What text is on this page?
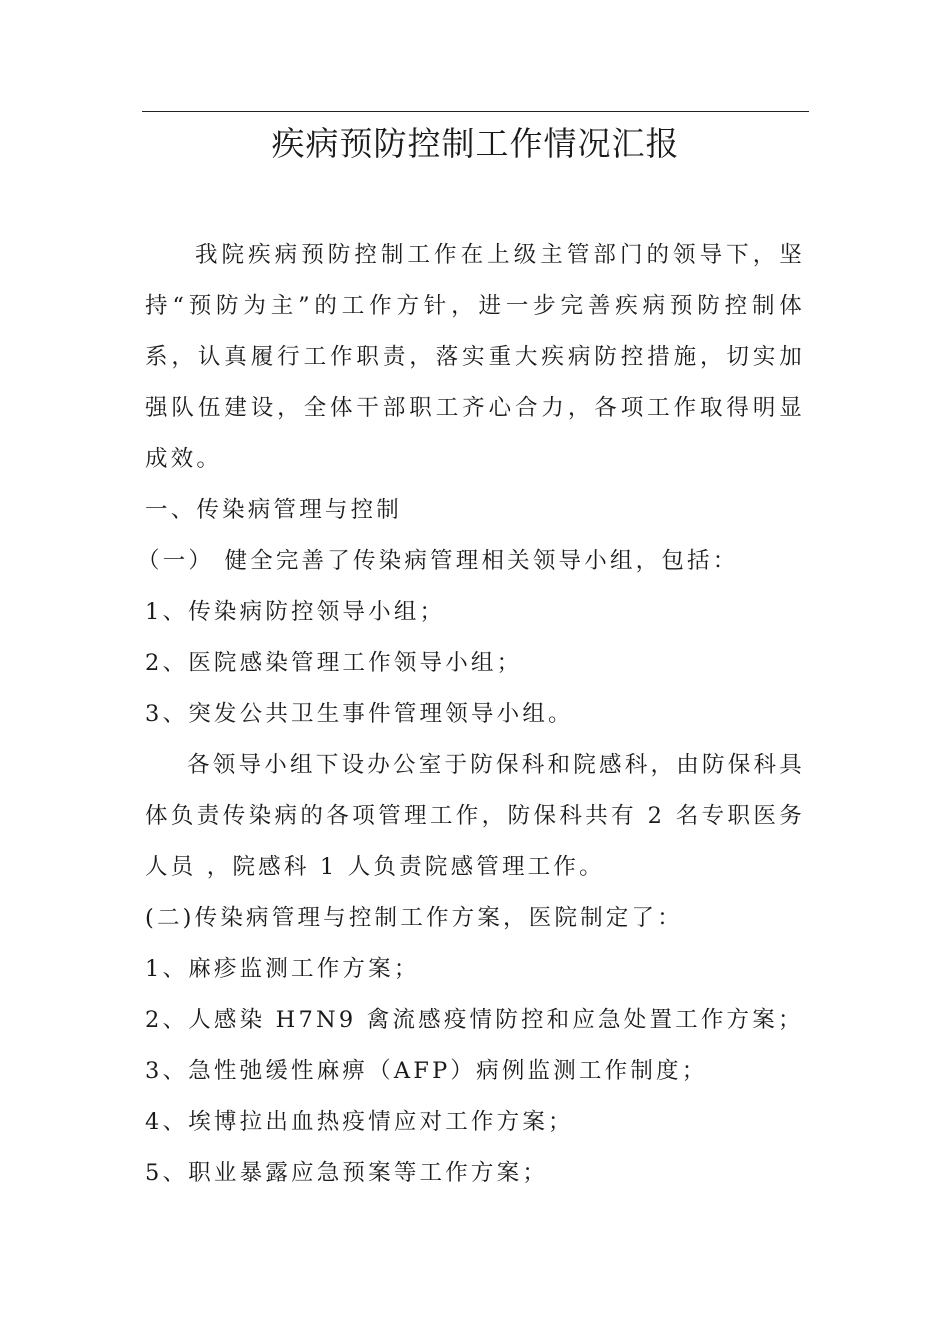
疾病预防控制工作情况汇报

我院疾病预防控制工作在上级主管部门的领导下，坚持“预防为主”的工作方针，进一步完善疾病预防控制体系，认真履行工作职责，落实重大疾病防控措施，切实加强队伍建设，全体干部职工齐心合力，各项工作取得明显成效。

一、传染病管理与控制

（一） 健全完善了传染病管理相关领导小组，包括：

1、传染病防控领导小组；

2、医院感染管理工作领导小组；

3、突发公共卫生事件管理领导小组。

各领导小组下设办公室于防保科和院感科，由防保科具体负责传染病的各项管理工作，防保科共有 2 名专职医务人员 ，院感科 1 人负责院感管理工作。

(二)传染病管理与控制工作方案，医院制定了：

1、麻疹监测工作方案；

2、人感染 H7N9 禽流感疫情防控和应急处置工作方案；

3、急性弛缓性麻痹（AFP）病例监测工作制度；

4、埃博拉出血热疫情应对工作方案；

5、职业暴露应急预案等工作方案；
